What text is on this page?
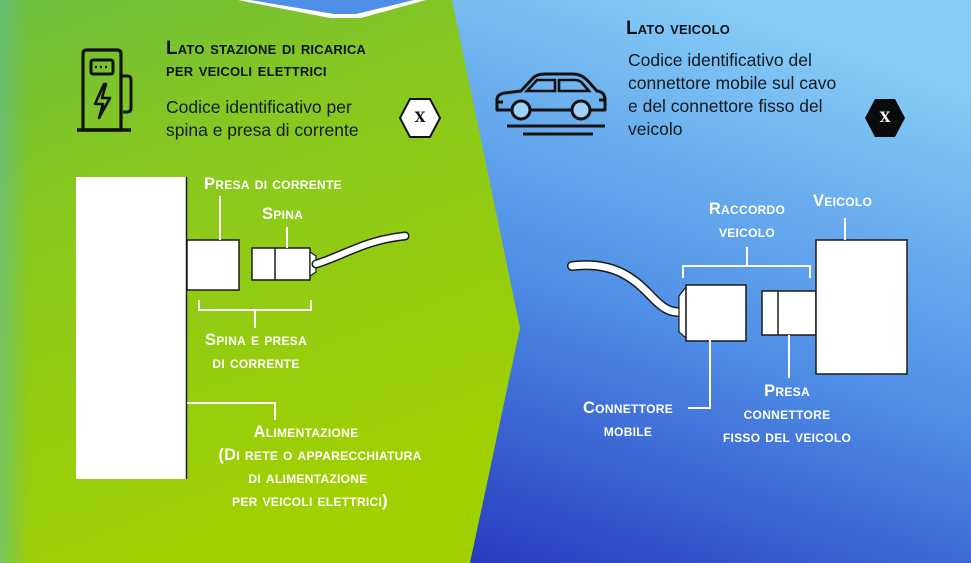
Lato stazione di ricarica
per veicoli elettrici
Codice identificativo per
spina e presa di corrente
X
Lato veicolo
Codice identificativo del
connettore mobile sul cavo
e del connettore fisso del
veicolo
X
Presa di corrente
Spina
Spina e presa
di corrente
Alimentazione
(Di rete o apparecchiatura
di alimentazione
per veicoli elettrici)
Raccordo
veicolo
Veicolo
Connettore
mobile
Presa
connettore
fisso del veicolo
